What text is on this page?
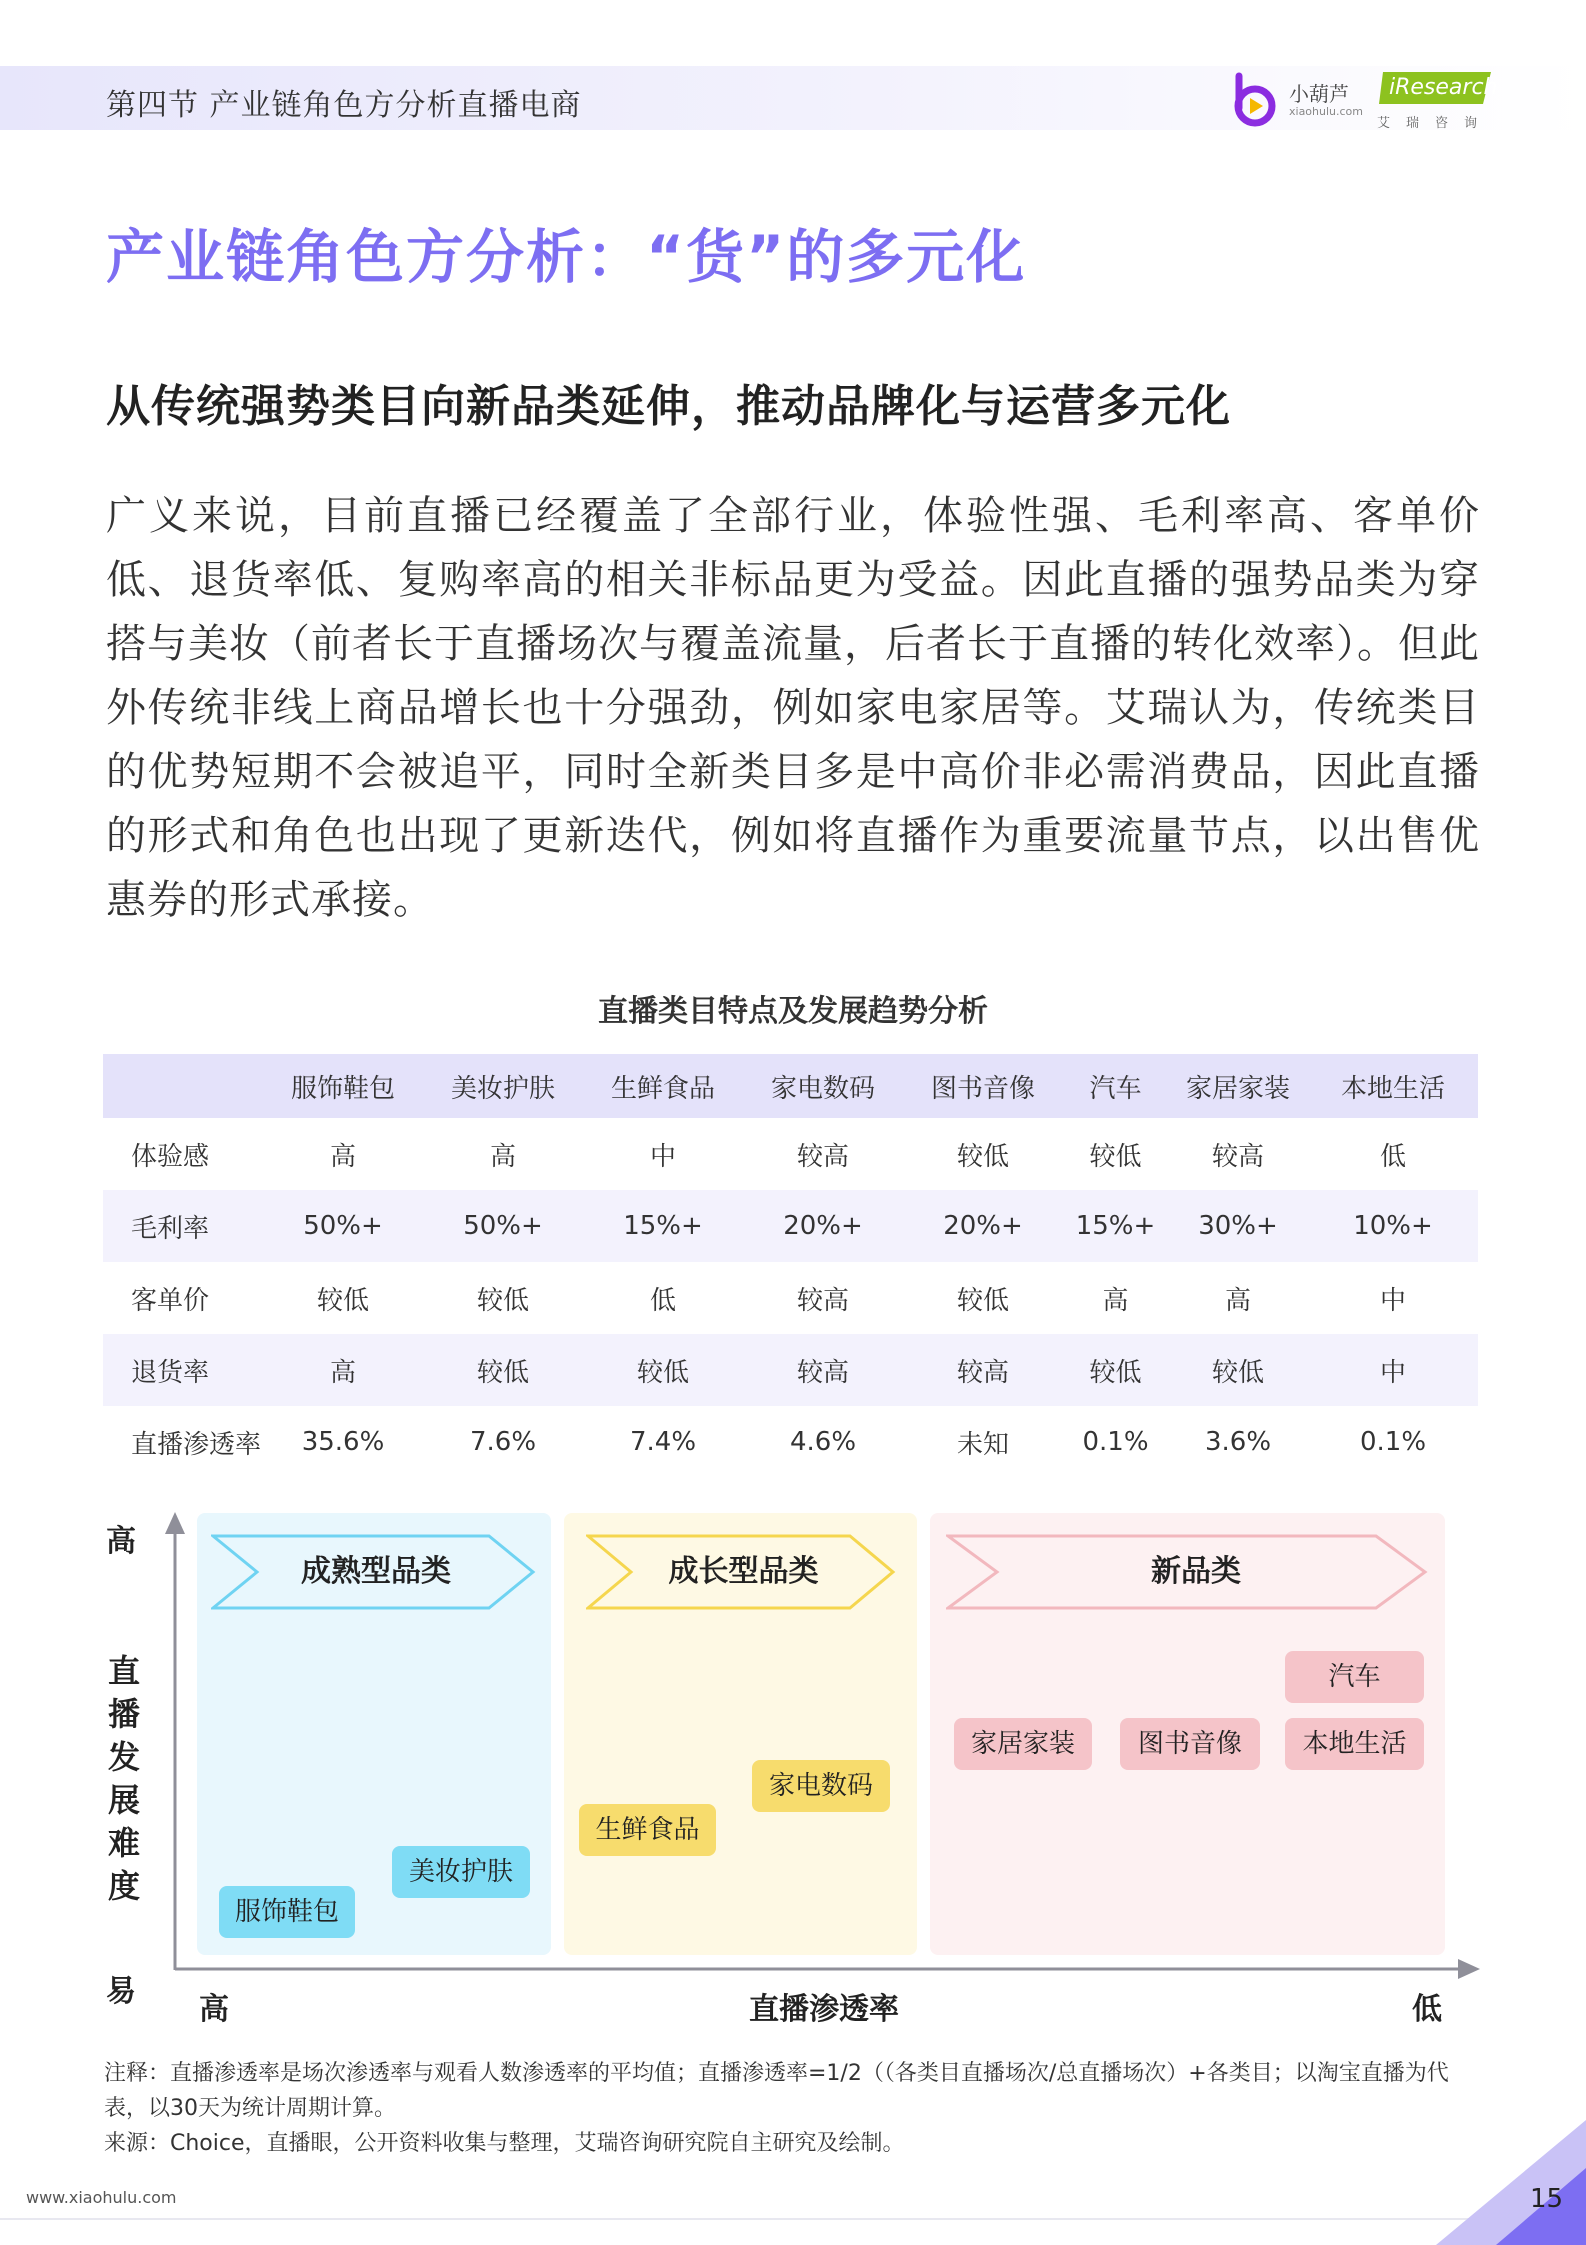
第四节 产业链角色方分析直播电商	小葫芦
xiaohulu.com
iResearch
艾瑞咨询
产业链角色方分析：“货”的多元化
从传统强势类目向新品类延伸，推动品牌化与运营多元化
广义来说，目前直播已经覆盖了全部行业，体验性强、毛利率高、客单价低、退货率低、复购率高的相关非标品更为受益。因此直播的强势品类为穿搭与美妆（前者长于直播场次与覆盖流量，后者长于直播的转化效率）。但此外传统非线上商品增长也十分强劲，例如家电家居等。艾瑞认为，传统类目的优势短期不会被追平，同时全新类目多是中高价非必需消费品，因此直播的形式和角色也出现了更新迭代，例如将直播作为重要流量节点，以出售优惠券的形式承接。
直播类目特点及发展趋势分析
	服饰鞋包	美妆护肤	生鲜食品	家电数码	图书音像	汽车	家居家装	本地生活
体验感	高	高	中	较高	较低	较低	较高	低
毛利率	50%+	50%+	15%+	20%+	20%+	15%+	30%+	10%+
客单价	较低	较低	低	较高	较低	高	高	中
退货率	高	较低	较低	较高	较高	较低	较低	中
直播渗透率	35.6%	7.6%	7.4%	4.6%	未知	0.1%	3.6%	0.1%
成熟型品类	成长型品类	新品类
服饰鞋包
美妆护肤
生鲜食品
家电数码
家居家装	图书音像
汽车
本地生活
高
直播发展难度
易
高	直播渗透率	低
注释：直播渗透率是场次渗透率与观看人数渗透率的平均值；直播渗透率=1/2（（各类目直播场次/总直播场次）+各类目；以淘宝直播为代表，以30天为统计周期计算。
来源：Choice，直播眼，公开资料收集与整理，艾瑞咨询研究院自主研究及绘制。
www.xiaohulu.com	15
